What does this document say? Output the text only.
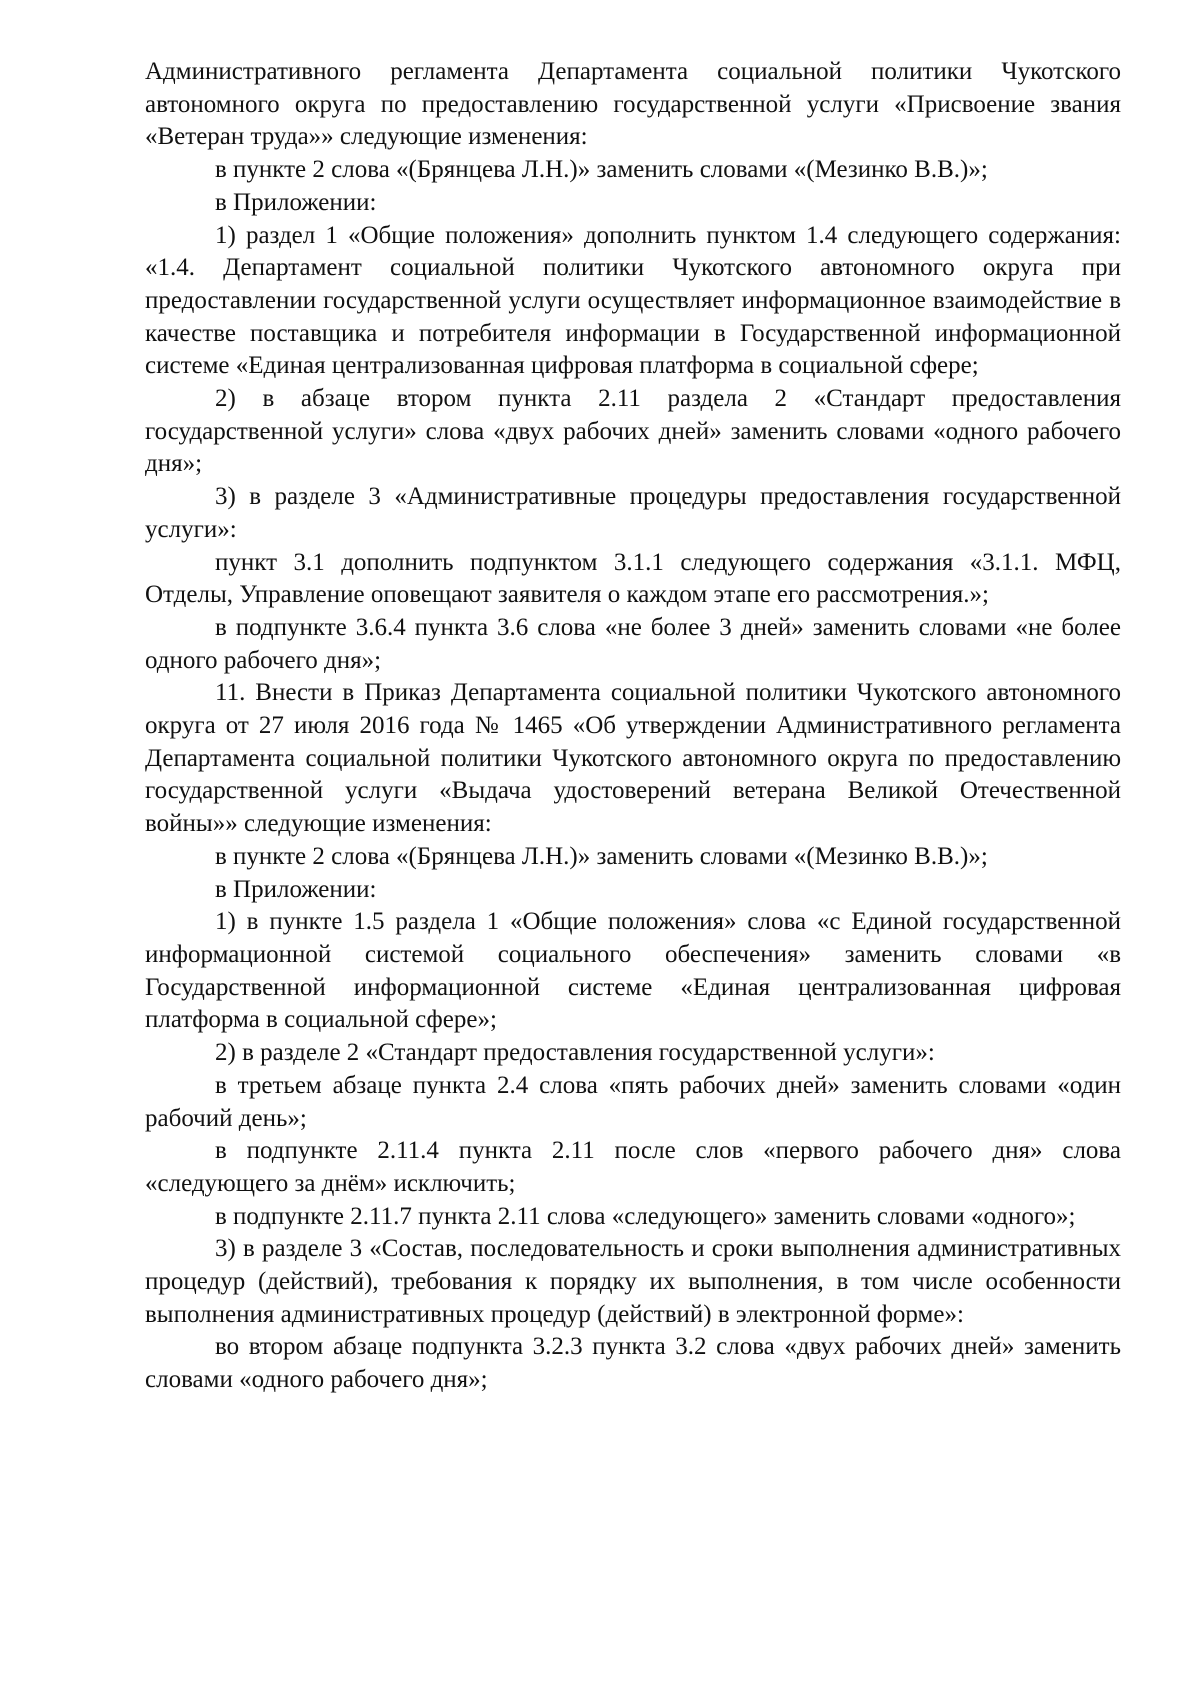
Административного регламента Департамента социальной политики Чукотского автономного округа по предоставлению государственной услуги «Присвоение звания «Ветеран труда»» следующие изменения:

в пункте 2 слова «(Брянцева Л.Н.)» заменить словами «(Мезинко В.В.)»;

в Приложении:

1) раздел 1 «Общие положения» дополнить пунктом 1.4 следующего содержания: «1.4. Департамент социальной политики Чукотского автономного округа при предоставлении государственной услуги осуществляет информационное взаимодействие в качестве поставщика и потребителя информации в Государственной информационной системе «Единая централизованная цифровая платформа в социальной сфере;

2) в абзаце втором пункта 2.11 раздела 2 «Стандарт предоставления государственной услуги» слова «двух рабочих дней» заменить словами «одного рабочего дня»;

3) в разделе 3 «Административные процедуры предоставления государственной услуги»:

пункт 3.1 дополнить подпунктом 3.1.1 следующего содержания «3.1.1. МФЦ, Отделы, Управление оповещают заявителя о каждом этапе его рассмотрения.»;

в подпункте 3.6.4 пункта 3.6 слова «не более 3 дней» заменить словами «не более одного рабочего дня»;

11. Внести в Приказ Департамента социальной политики Чукотского автономного округа от 27 июля 2016 года № 1465 «Об утверждении Административного регламента Департамента социальной политики Чукотского автономного округа по предоставлению государственной услуги «Выдача удостоверений ветерана Великой Отечественной войны»» следующие изменения:

в пункте 2 слова «(Брянцева Л.Н.)» заменить словами «(Мезинко В.В.)»;

в Приложении:

1) в пункте 1.5 раздела 1 «Общие положения» слова «с Единой государственной информационной системой социального обеспечения» заменить словами «в Государственной информационной системе «Единая централизованная цифровая платформа в социальной сфере»;

2) в разделе 2 «Стандарт предоставления государственной услуги»:

в третьем абзаце пункта 2.4 слова «пять рабочих дней» заменить словами «один рабочий день»;

в подпункте 2.11.4 пункта 2.11 после слов «первого рабочего дня» слова «следующего за днём» исключить;

в подпункте 2.11.7 пункта 2.11 слова «следующего» заменить словами «одного»;

3) в разделе 3 «Состав, последовательность и сроки выполнения административных процедур (действий), требования к порядку их выполнения, в том числе особенности выполнения административных процедур (действий) в электронной форме»:

во втором абзаце подпункта 3.2.3 пункта 3.2 слова «двух рабочих дней» заменить словами «одного рабочего дня»;
